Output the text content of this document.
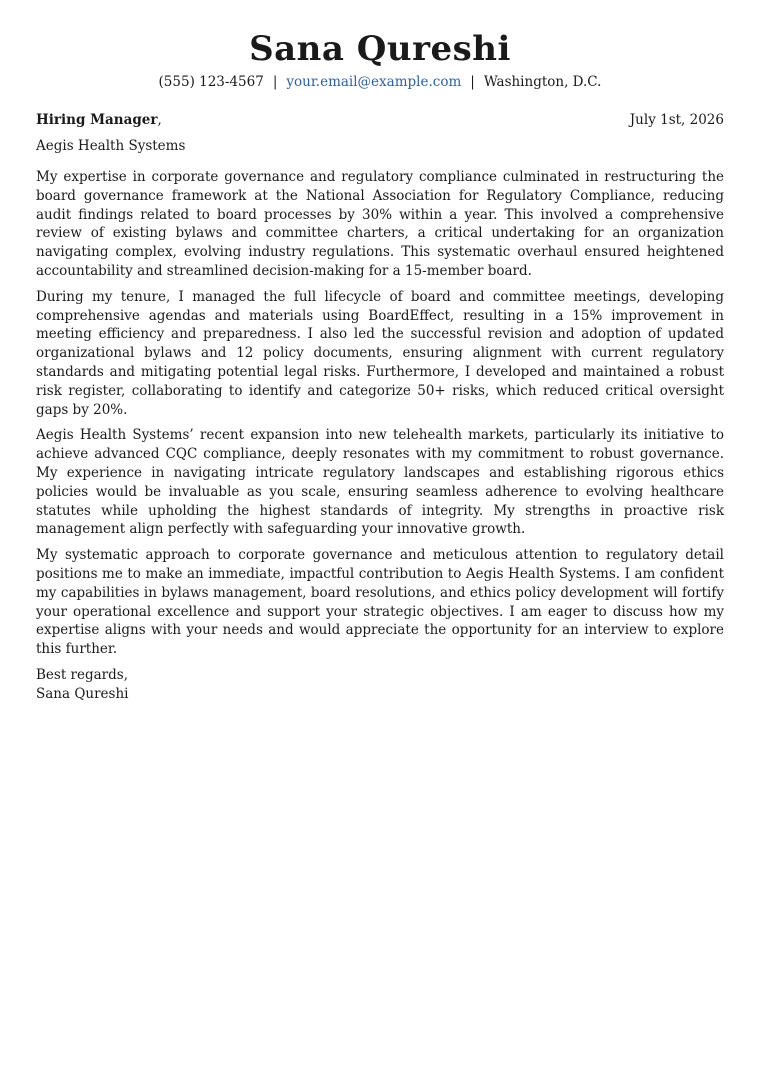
Sana Qureshi
(555) 123-4567 | your.email@example.com | Washington, D.C.
Hiring Manager,	July 1st, 2026
Aegis Health Systems

My expertise in corporate governance and regulatory compliance culminated in restructuring the board governance framework at the National Association for Regulatory Compliance, reducing audit findings related to board processes by 30% within a year. This involved a comprehensive review of existing bylaws and committee charters, a critical undertaking for an organization navigating complex, evolving industry regulations. This systematic overhaul ensured heightened accountability and streamlined decision-making for a 15-member board.

During my tenure, I managed the full lifecycle of board and committee meetings, developing comprehensive agendas and materials using BoardEffect, resulting in a 15% improvement in meeting efficiency and preparedness. I also led the successful revision and adoption of updated organizational bylaws and 12 policy documents, ensuring alignment with current regulatory standards and mitigating potential legal risks. Furthermore, I developed and maintained a robust risk register, collaborating to identify and categorize 50+ risks, which reduced critical oversight gaps by 20%.

Aegis Health Systems’ recent expansion into new telehealth markets, particularly its initiative to achieve advanced CQC compliance, deeply resonates with my commitment to robust governance. My experience in navigating intricate regulatory landscapes and establishing rigorous ethics policies would be invaluable as you scale, ensuring seamless adherence to evolving healthcare statutes while upholding the highest standards of integrity. My strengths in proactive risk management align perfectly with safeguarding your innovative growth.

My systematic approach to corporate governance and meticulous attention to regulatory detail positions me to make an immediate, impactful contribution to Aegis Health Systems. I am confident my capabilities in bylaws management, board resolutions, and ethics policy development will fortify your operational excellence and support your strategic objectives. I am eager to discuss how my expertise aligns with your needs and would appreciate the opportunity for an interview to explore this further.

Best regards,
Sana Qureshi
